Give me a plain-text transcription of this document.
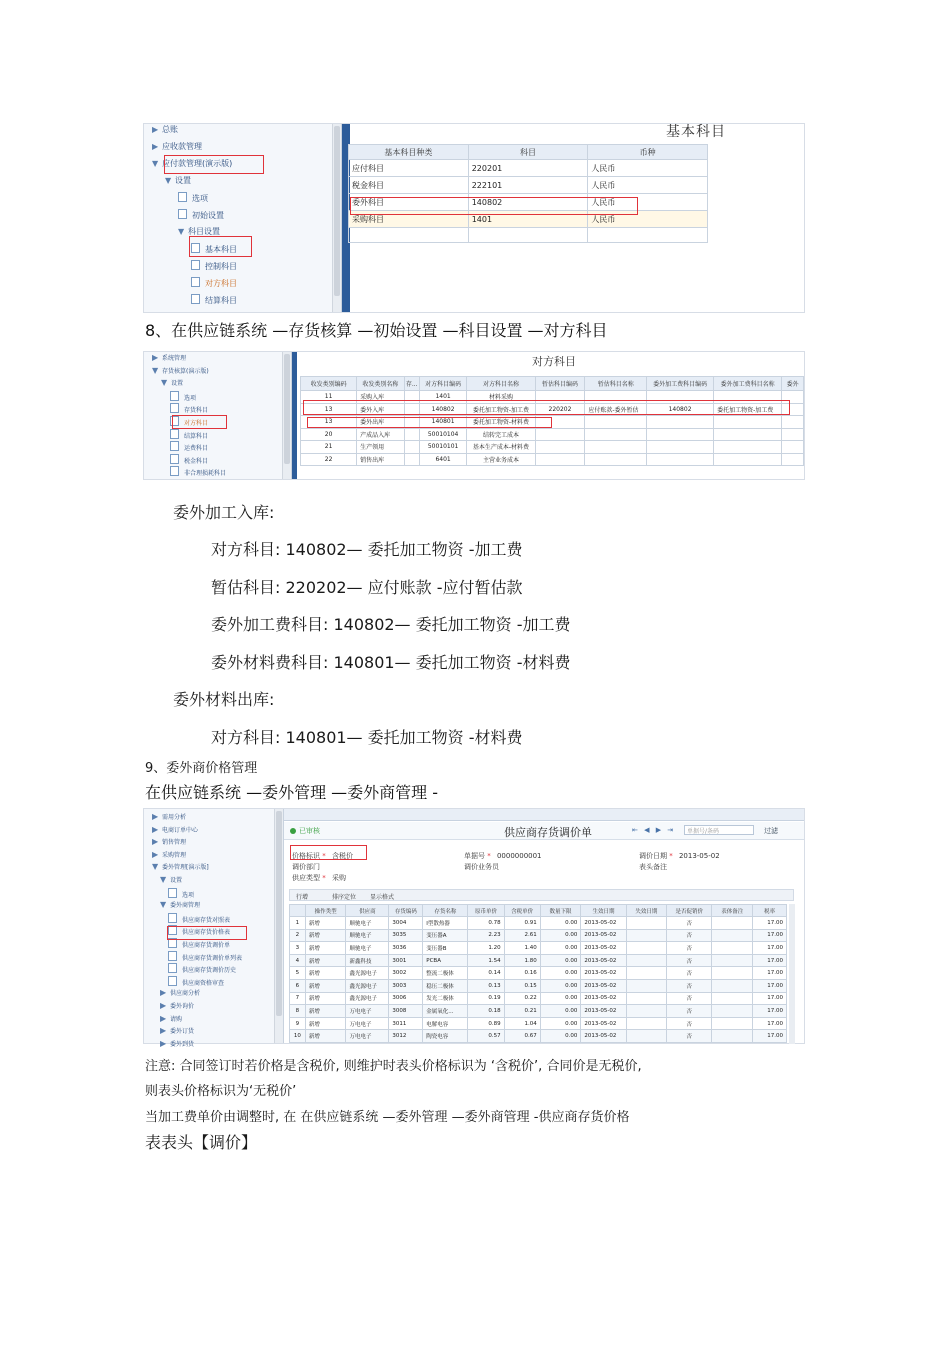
▶ 总账
▶ 应收款管理
▼ 应付款管理(演示版)
▼ 设置
选项
初始设置
▼ 科目设置
基本科目
控制科目
对方科目
结算科目
基本科目
基本科目种类	科目	币种
应付科目	220201	人民币
税金科目	222101	人民币
委外科目	140802	人民币
采购科目	1401	人民币

8、在供应链系统 —存货核算 —初始设置 —科目设置 —对方科目
▶ 系统管理
▼ 存货核算(演示版)
▼ 设置
选项
存货科目
对方科目
结算科目
运费科目
税金科目
非合理损耗科目
对方科目
收发类别编码	收发类别名称	存...	对方科目编码	对方科目名称	暂估科目编码	暂估科目名称	委外加工费科目编码	委外加工费科目名称	委外
11	采购入库		1401	材料采购					
13	委外入库		140802	委托加工物资-加工费	220202	应付账款-委外暂估	140802	委托加工物资-加工费	
13	委外出库		140801	委托加工物资-材料费					
20	产成品入库		50010104	结转完工成本					
21	生产领用		50010101	基本生产成本-材料费					
22	销售出库		6401	主营业务成本					
委外加工入库:
对方科目: 140802— 委托加工物资 -加工费
暂估科目: 220202— 应付账款 -应付暂估款
委外加工费科目: 140802— 委托加工物资 -加工费
委外材料费科目: 140801— 委托加工物资 -材料费
委外材料出库:
对方科目: 140801— 委托加工物资 -材料费
9、委外商价格管理
在供应链系统 —委外管理 —委外商管理 -
▶ 需用分析
▶ 电商订单中心
▶ 销售管理
▶ 采购管理
▼ 委外管理[演示版]
▼ 设置
选项
▼ 委外商管理
供应商存货对照表
供应商存货价格表
供应商存货调价单
供应商存货调价单列表
供应商存货调价历史
供应商资格审查
▶ 供应商分析
▶ 委外询价
▶ 请购
▶ 委外订货
▶ 委外到货
已审核	供应商存货调价单	⇤ ◀ ▶ ⇥	单据号/条码	过滤
价格标识 * 含税价	单据号 * 0000000001	调价日期 * 2013-05-02
调价部门	调价业务员	表头备注
供应类型 * 采购
行增	排序定位 显示格式
	操作类型	供应商	存货编码	存货名称	原币单价	含税单价	数量下限	生效日期	失效日期	是否促销价	表体备注	税率
1	新增	顺驰电子	3004	I型散热器	0.78	0.91	0.00	2013-05-02		否		17.00
2	新增	顺驰电子	3035	变压器A	2.23	2.61	0.00	2013-05-02		否		17.00
3	新增	顺驰电子	3036	变压器B	1.20	1.40	0.00	2013-05-02		否		17.00
4	新增	新鑫科技	3001	PCBA	1.54	1.80	0.00	2013-05-02		否		17.00
5	新增	鑫光源电子	3002	整流二极体	0.14	0.16	0.00	2013-05-02		否		17.00
6	新增	鑫光源电子	3003	稳压二极体	0.13	0.15	0.00	2013-05-02		否		17.00
7	新增	鑫光源电子	3006	发光二极体	0.19	0.22	0.00	2013-05-02		否		17.00
8	新增	万电电子	3008	金属氧化...	0.18	0.21	0.00	2013-05-02		否		17.00
9	新增	万电电子	3011	电解电容	0.89	1.04	0.00	2013-05-02		否		17.00
10	新增	万电电子	3012	陶瓷电容	0.57	0.67	0.00	2013-05-02		否		17.00
注意: 合同签订时若价格是含税价, 则维护时表头价格标识为 ‘含税价’, 合同价是无税价,
则表头价格标识为‘无税价’
当加工费单价由调整时, 在 在供应链系统 —委外管理 —委外商管理 -供应商存货价格
表表头【调价】
